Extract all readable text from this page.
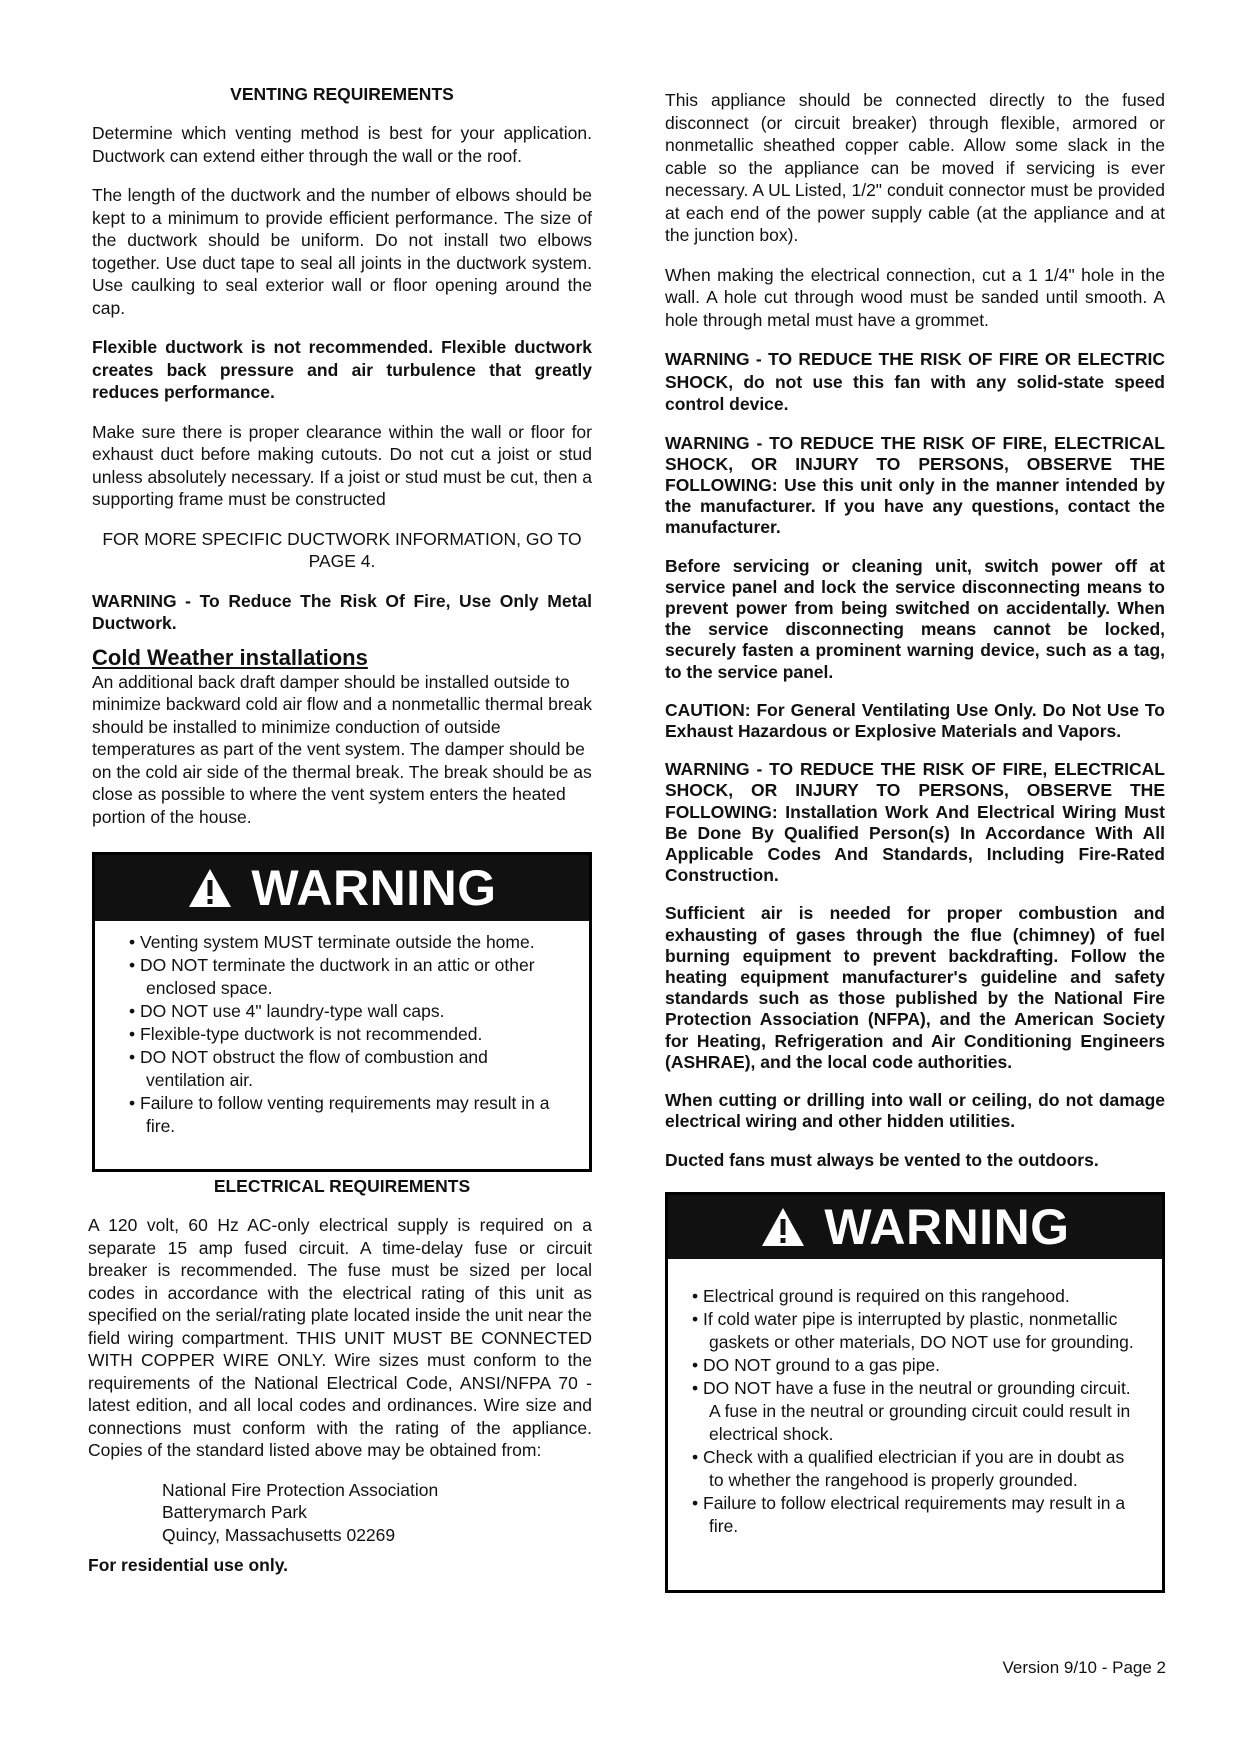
VENTING REQUIREMENTS

Determine which venting method is best for your application. Ductwork can extend either through the wall or the roof.

The length of the ductwork and the number of elbows should be kept to a minimum to provide efficient performance. The size of the ductwork should be uniform. Do not install two elbows together. Use duct tape to seal all joints in the ductwork system. Use caulking to seal exterior wall or floor opening around the cap.

Flexible ductwork is not recommended. Flexible ductwork creates back pressure and air turbulence that greatly reduces performance.

Make sure there is proper clearance within the wall or floor for exhaust duct before making cutouts. Do not cut a joist or stud unless absolutely necessary. If a joist or stud must be cut, then a supporting frame must be constructed

FOR MORE SPECIFIC DUCTWORK INFORMATION, GO TO PAGE 4.

WARNING - To Reduce The Risk Of Fire, Use Only Metal Ductwork.

Cold Weather installations

An additional back draft damper should be installed outside to minimize backward cold air flow and a nonmetallic thermal break should be installed to minimize conduction of outside temperatures as part of the vent system. The damper should be on the cold air side of the thermal break. The break should be as close as possible to where the vent system enters the heated portion of the house.

WARNING
• Venting system MUST terminate outside the home.
• DO NOT terminate the ductwork in an attic or other enclosed space.
• DO NOT use 4" laundry-type wall caps.
• Flexible-type ductwork is not recommended.
• DO NOT obstruct the flow of combustion and ventilation air.
• Failure to follow venting requirements may result in a fire.
ELECTRICAL REQUIREMENTS

A 120 volt, 60 Hz AC-only electrical supply is required on a separate 15 amp fused circuit. A time-delay fuse or circuit breaker is recommended. The fuse must be sized per local codes in accordance with the electrical rating of this unit as specified on the serial/rating plate located inside the unit near the field wiring compartment. THIS UNIT MUST BE CONNECTED WITH COPPER WIRE ONLY. Wire sizes must conform to the requirements of the National Electrical Code, ANSI/NFPA 70 - latest edition, and all local codes and ordinances. Wire size and connections must conform with the rating of the appliance. Copies of the standard listed above may be obtained from:

National Fire Protection Association

Batterymarch Park

Quincy, Massachusetts 02269

For residential use only.

This appliance should be connected directly to the fused disconnect (or circuit breaker) through flexible, armored or nonmetallic sheathed copper cable. Allow some slack in the cable so the appliance can be moved if servicing is ever necessary. A UL Listed, 1/2" conduit connector must be provided at each end of the power supply cable (at the appliance and at the junction box).

When making the electrical connection, cut a 1 1/4" hole in the wall. A hole cut through wood must be sanded until smooth. A hole through metal must have a grommet.

WARNING - TO REDUCE THE RISK OF FIRE OR ELECTRIC SHOCK, do not use this fan with any solid-state speed control device.

WARNING - TO REDUCE THE RISK OF FIRE, ELECTRICAL SHOCK, OR INJURY TO PERSONS, OBSERVE THE FOLLOWING: Use this unit only in the manner intended by the manufacturer. If you have any questions, contact the manufacturer.

Before servicing or cleaning unit, switch power off at service panel and lock the service disconnecting means to prevent power from being switched on accidentally. When the service disconnecting means cannot be locked, securely fasten a prominent warning device, such as a tag, to the service panel.

CAUTION: For General Ventilating Use Only. Do Not Use To Exhaust Hazardous or Explosive Materials and Vapors.

WARNING - TO REDUCE THE RISK OF FIRE, ELECTRICAL SHOCK, OR INJURY TO PERSONS, OBSERVE THE FOLLOWING: Installation Work And Electrical Wiring Must Be Done By Qualified Person(s) In Accordance With All Applicable Codes And Standards, Including Fire-Rated Construction.

Sufficient air is needed for proper combustion and exhausting of gases through the flue (chimney) of fuel burning equipment to prevent backdrafting. Follow the heating equipment manufacturer's guideline and safety standards such as those published by the National Fire Protection Association (NFPA), and the American Society for Heating, Refrigeration and Air Conditioning Engineers (ASHRAE), and the local code authorities.

When cutting or drilling into wall or ceiling, do not damage electrical wiring and other hidden utilities.

Ducted fans must always be vented to the outdoors.

WARNING
• Electrical ground is required on this rangehood.
• If cold water pipe is interrupted by plastic, nonmetallic gaskets or other materials, DO NOT use for grounding.
• DO NOT ground to a gas pipe.
• DO NOT have a fuse in the neutral or grounding circuit. A fuse in the neutral or grounding circuit could result in electrical shock.
• Check with a qualified electrician if you are in doubt as to whether the rangehood is properly grounded.
• Failure to follow electrical requirements may result in a fire.
Version 9/10 - Page 2
